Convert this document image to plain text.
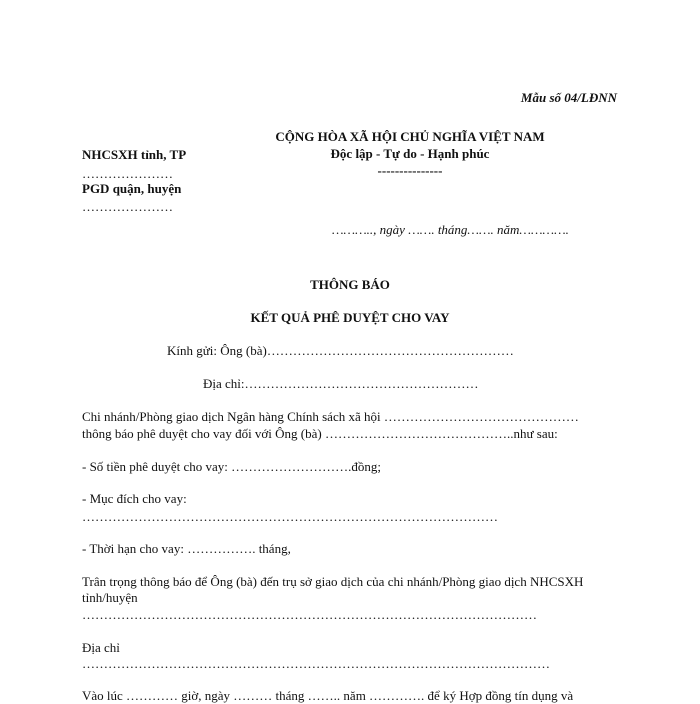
Mẫu số 04/LĐNN
NHCSXH tỉnh, TP
…………………
PGD quận, huyện
…………………
CỘNG HÒA XÃ HỘI CHỦ NGHĨA VIỆT NAM
Độc lập - Tự do - Hạnh phúc
---------------
……….., ngày ……. tháng……. năm………….
THÔNG BÁO
KẾT QUẢ PHÊ DUYỆT CHO VAY
Kính gửi: Ông (bà)…………………………………………………
Địa chỉ:………………………………………………
Chi nhánh/Phòng giao dịch Ngân hàng Chính sách xã hội ………………………………………
thông báo phê duyệt cho vay đối với Ông (bà) ……………………………………..như sau:
- Số tiền phê duyệt cho vay: ……………………….đồng;
- Mục đích cho vay:
……………………………………………………………………………………
- Thời hạn cho vay: ……………. tháng,
Trân trọng thông báo để Ông (bà) đến trụ sở giao dịch của chi nhánh/Phòng giao dịch NHCSXH
tỉnh/huyện
……………………………………………………………………………………………
Địa chỉ
………………………………………………………………………………………………
Vào lúc ………… giờ, ngày ……… tháng …….. năm …………. để ký Hợp đồng tín dụng và
